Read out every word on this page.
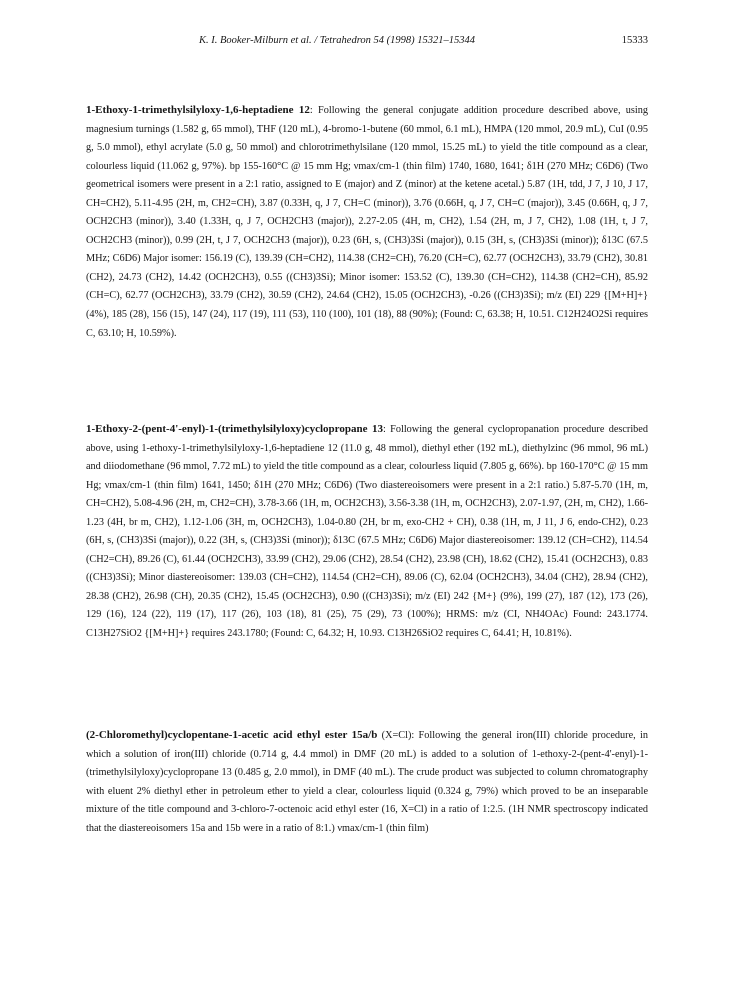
K. I. Booker-Milburn et al. / Tetrahedron 54 (1998) 15321–15344	15333
1-Ethoxy-1-trimethylsilyloxy-1,6-heptadiene 12: Following the general conjugate addition procedure described above, using magnesium turnings (1.582 g, 65 mmol), THF (120 mL), 4-bromo-1-butene (60 mmol, 6.1 mL), HMPA (120 mmol, 20.9 mL), CuI (0.95 g, 5.0 mmol), ethyl acrylate (5.0 g, 50 mmol) and chlorotrimethylsilane (120 mmol, 15.25 mL) to yield the title compound as a clear, colourless liquid (11.062 g, 97%). bp 155-160°C @ 15 mm Hg; νmax/cm-1 (thin film) 1740, 1680, 1641; δ1H (270 MHz; C6D6) (Two geometrical isomers were present in a 2:1 ratio, assigned to E (major) and Z (minor) at the ketene acetal.) 5.87 (1H, tdd, J 7, J 10, J 17, CH=CH2), 5.11-4.95 (2H, m, CH2=CH), 3.87 (0.33H, q, J 7, CH=C (minor)), 3.76 (0.66H, q, J 7, CH=C (major)), 3.45 (0.66H, q, J 7, OCH2CH3 (minor)), 3.40 (1.33H, q, J 7, OCH2CH3 (major)), 2.27-2.05 (4H, m, CH2), 1.54 (2H, m, J 7, CH2), 1.08 (1H, t, J 7, OCH2CH3 (minor)), 0.99 (2H, t, J 7, OCH2CH3 (major)), 0.23 (6H, s, (CH3)3Si (major)), 0.15 (3H, s, (CH3)3Si (minor)); δ13C (67.5 MHz; C6D6) Major isomer: 156.19 (C), 139.39 (CH=CH2), 114.38 (CH2=CH), 76.20 (CH=C), 62.77 (OCH2CH3), 33.79 (CH2), 30.81 (CH2), 24.73 (CH2), 14.42 (OCH2CH3), 0.55 ((CH3)3Si); Minor isomer: 153.52 (C), 139.30 (CH=CH2), 114.38 (CH2=CH), 85.92 (CH=C), 62.77 (OCH2CH3), 33.79 (CH2), 30.59 (CH2), 24.64 (CH2), 15.05 (OCH2CH3), -0.26 ((CH3)3Si); m/z (EI) 229 {[M+H]+} (4%), 185 (28), 156 (15), 147 (24), 117 (19), 111 (53), 110 (100), 101 (18), 88 (90%); (Found: C, 63.38; H, 10.51. C12H24O2Si requires C, 63.10; H, 10.59%).
1-Ethoxy-2-(pent-4'-enyl)-1-(trimethylsilyloxy)cyclopropane 13: Following the general cyclopropanation procedure described above, using 1-ethoxy-1-trimethylsilyloxy-1,6-heptadiene 12 (11.0 g, 48 mmol), diethyl ether (192 mL), diethylzinc (96 mmol, 96 mL) and diiodomethane (96 mmol, 7.72 mL) to yield the title compound as a clear, colourless liquid (7.805 g, 66%). bp 160-170°C @ 15 mm Hg; νmax/cm-1 (thin film) 1641, 1450; δ1H (270 MHz; C6D6) (Two diastereoisomers were present in a 2:1 ratio.) 5.87-5.70 (1H, m, CH=CH2), 5.08-4.96 (2H, m, CH2=CH), 3.78-3.66 (1H, m, OCH2CH3), 3.56-3.38 (1H, m, OCH2CH3), 2.07-1.97, (2H, m, CH2), 1.66-1.23 (4H, br m, CH2), 1.12-1.06 (3H, m, OCH2CH3), 1.04-0.80 (2H, br m, exo-CH2 + CH), 0.38 (1H, m, J 11, J 6, endo-CH2), 0.23 (6H, s, (CH3)3Si (major)), 0.22 (3H, s, (CH3)3Si (minor)); δ13C (67.5 MHz; C6D6) Major diastereoisomer: 139.12 (CH=CH2), 114.54 (CH2=CH), 89.26 (C), 61.44 (OCH2CH3), 33.99 (CH2), 29.06 (CH2), 28.54 (CH2), 23.98 (CH), 18.62 (CH2), 15.41 (OCH2CH3), 0.83 ((CH3)3Si); Minor diastereoisomer: 139.03 (CH=CH2), 114.54 (CH2=CH), 89.06 (C), 62.04 (OCH2CH3), 34.04 (CH2), 28.94 (CH2), 28.38 (CH2), 26.98 (CH), 20.35 (CH2), 15.45 (OCH2CH3), 0.90 ((CH3)3Si); m/z (EI) 242 {M+} (9%), 199 (27), 187 (12), 173 (26), 129 (16), 124 (22), 119 (17), 117 (26), 103 (18), 81 (25), 75 (29), 73 (100%); HRMS: m/z (CI, NH4OAc) Found: 243.1774. C13H27SiO2 {[M+H]+} requires 243.1780; (Found: C, 64.32; H, 10.93. C13H26SiO2 requires C, 64.41; H, 10.81%).
(2-Chloromethyl)cyclopentane-1-acetic acid ethyl ester 15a/b (X=Cl): Following the general iron(III) chloride procedure, in which a solution of iron(III) chloride (0.714 g, 4.4 mmol) in DMF (20 mL) is added to a solution of 1-ethoxy-2-(pent-4'-enyl)-1-(trimethylsilyloxy)cyclopropane 13 (0.485 g, 2.0 mmol), in DMF (40 mL). The crude product was subjected to column chromatography with eluent 2% diethyl ether in petroleum ether to yield a clear, colourless liquid (0.324 g, 79%) which proved to be an inseparable mixture of the title compound and 3-chloro-7-octenoic acid ethyl ester (16, X=Cl) in a ratio of 1:2.5. (1H NMR spectroscopy indicated that the diastereoisomers 15a and 15b were in a ratio of 8:1.) νmax/cm-1 (thin film)
